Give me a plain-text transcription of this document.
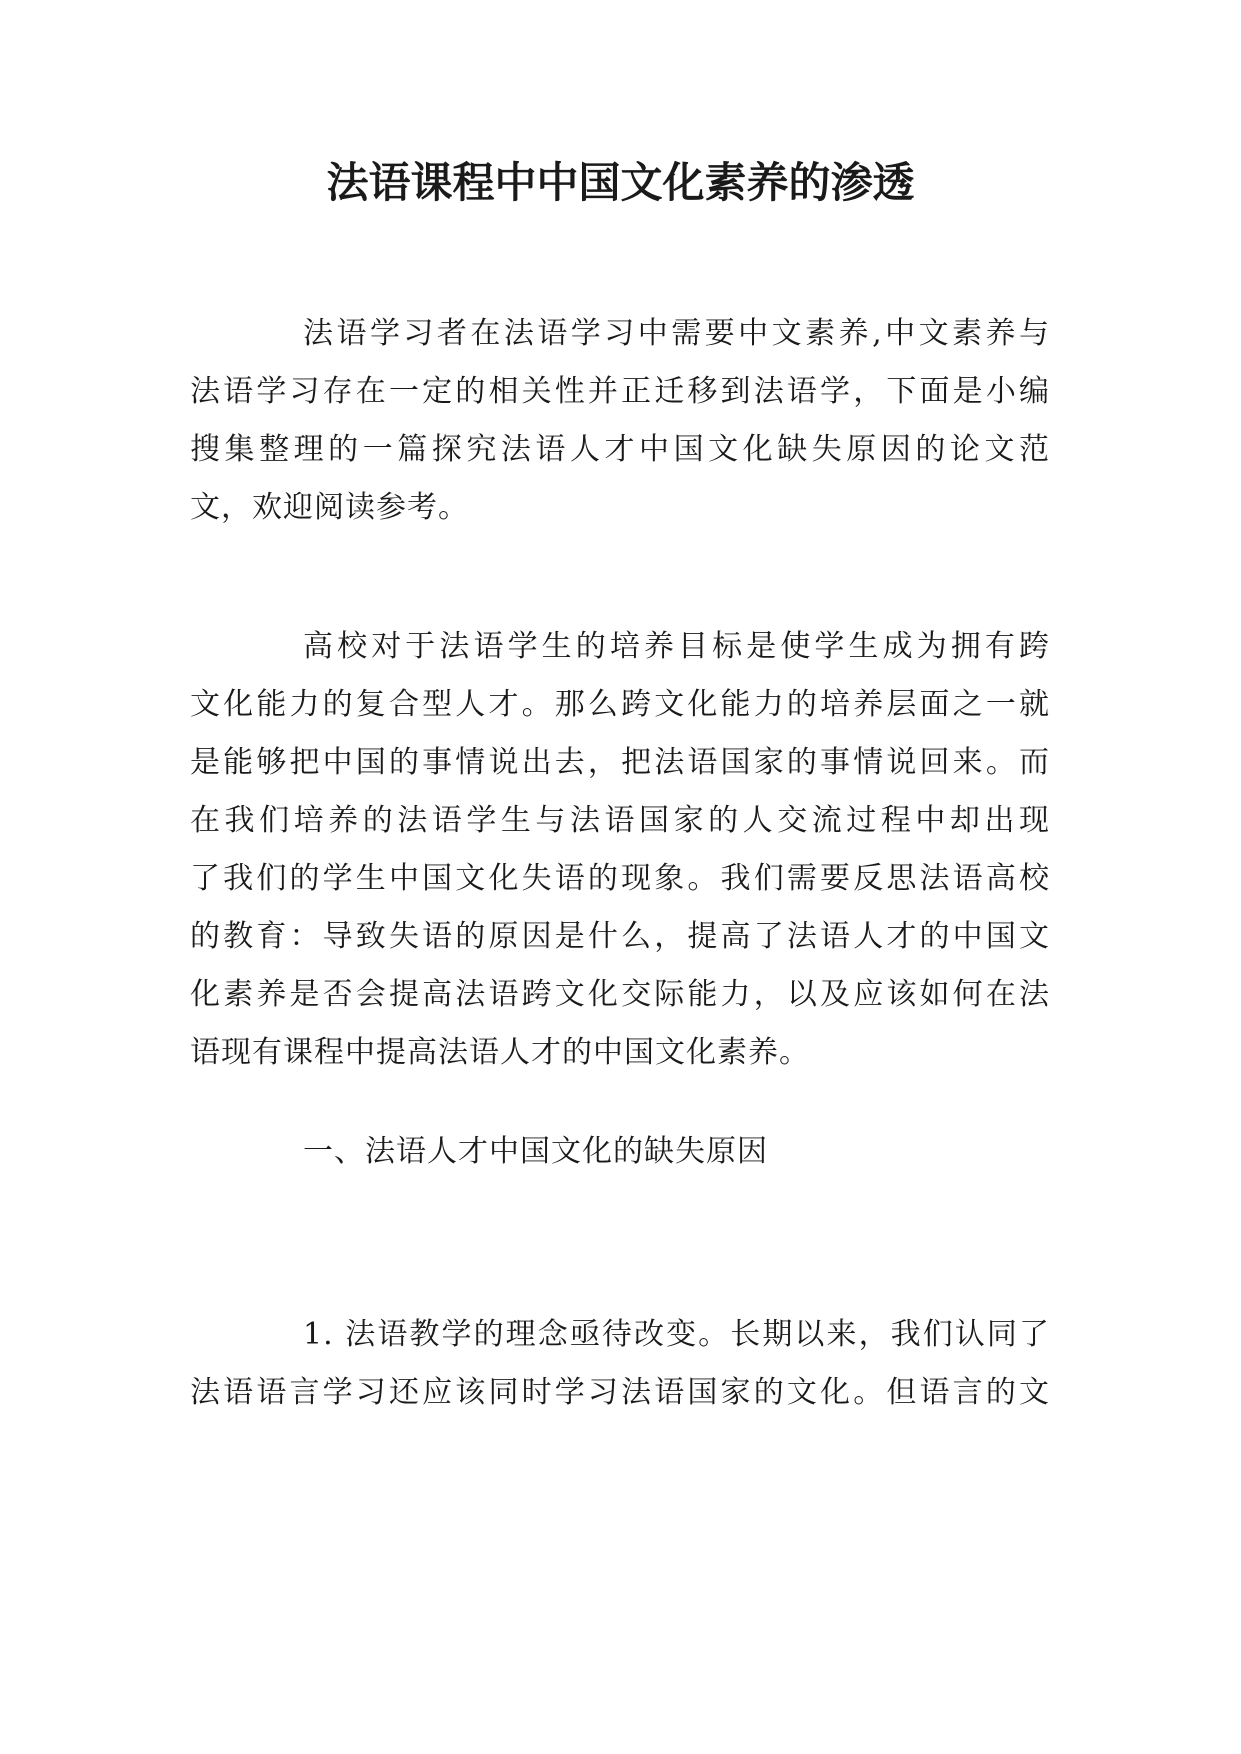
法语课程中中国文化素养的渗透
法语学习者在法语学习中需要中文素养,中文素养与
法语学习存在一定的相关性并正迁移到法语学，下面是小编
搜集整理的一篇探究法语人才中国文化缺失原因的论文范
文，欢迎阅读参考。
高校对于法语学生的培养目标是使学生成为拥有跨
文化能力的复合型人才。那么跨文化能力的培养层面之一就
是能够把中国的事情说出去，把法语国家的事情说回来。而
在我们培养的法语学生与法语国家的人交流过程中却出现
了我们的学生中国文化失语的现象。我们需要反思法语高校
的教育：导致失语的原因是什么，提高了法语人才的中国文
化素养是否会提高法语跨文化交际能力，以及应该如何在法
语现有课程中提高法语人才的中国文化素养。
一、法语人才中国文化的缺失原因
1. 法语教学的理念亟待改变。长期以来，我们认同了
法语语言学习还应该同时学习法语国家的文化。但语言的文
